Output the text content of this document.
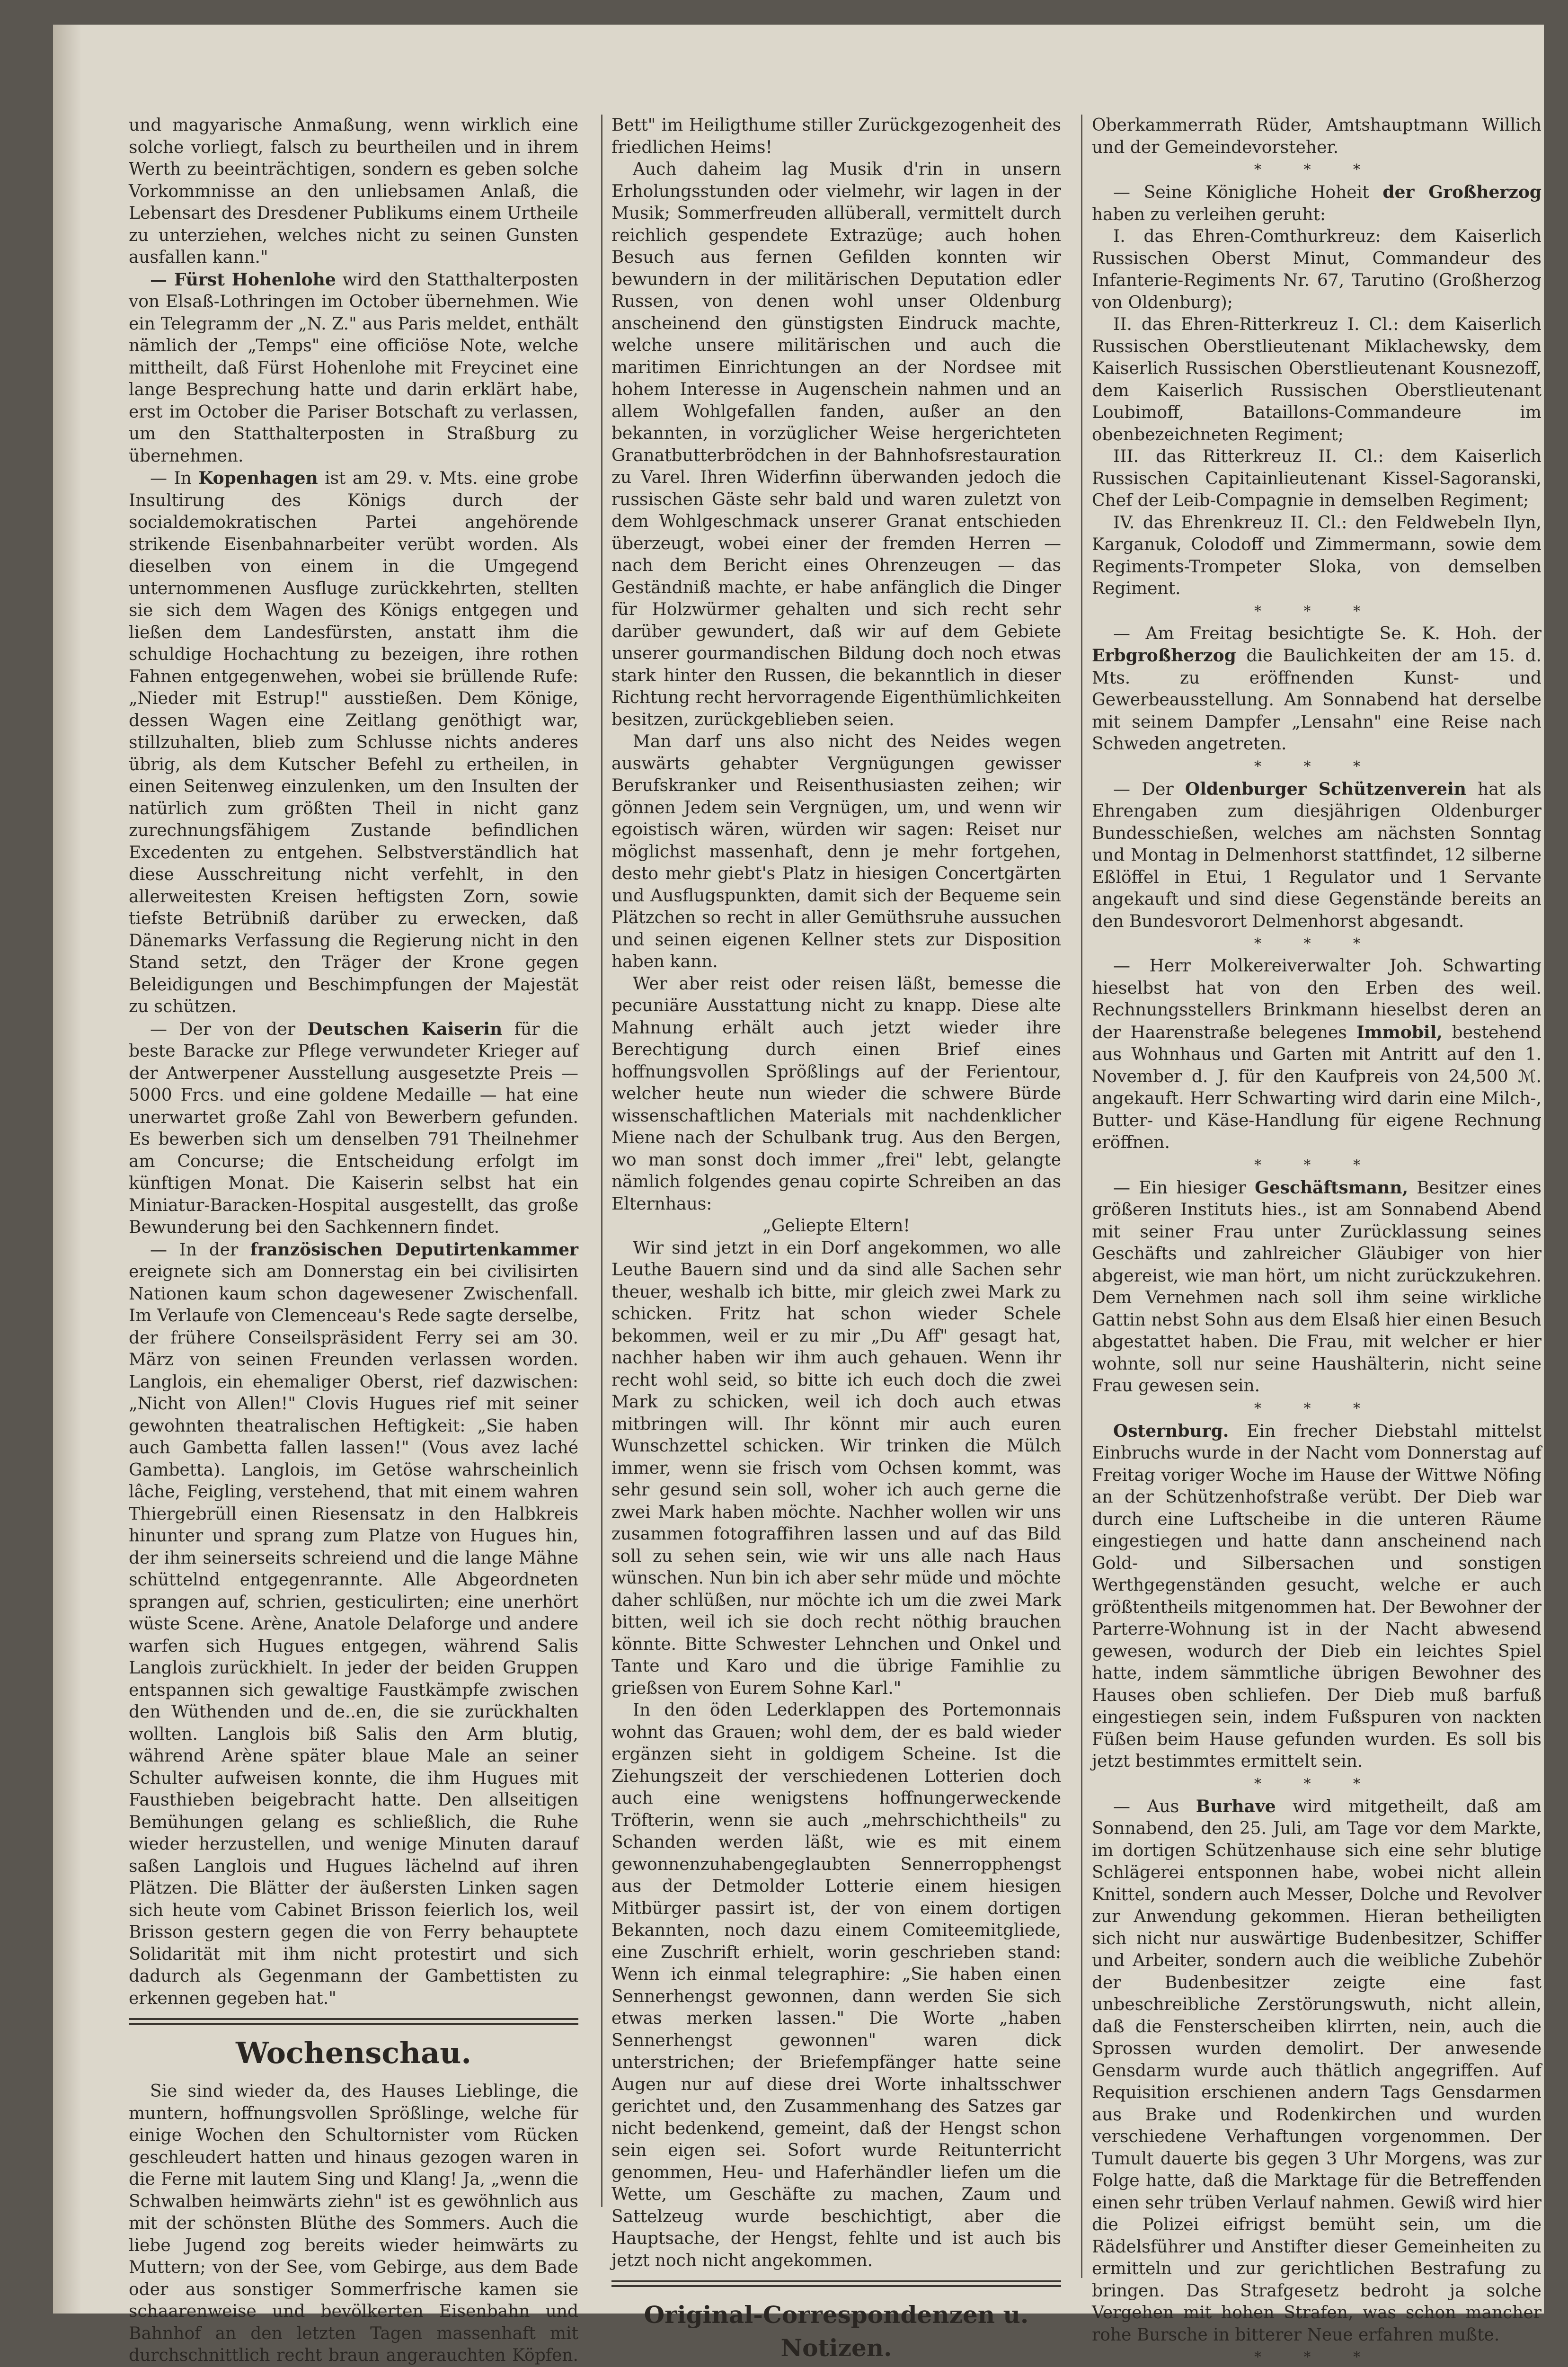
und magyarische Anmaßung, wenn wirklich eine solche vorliegt, falsch zu beurtheilen und in ihrem Werth zu beeinträchtigen, sondern es geben solche Vorkommnisse an den unliebsamen Anlaß, die Lebensart des Dresdener Publikums einem Urtheile zu unterziehen, welches nicht zu seinen Gunsten ausfallen kann."

— Fürst Hohenlohe wird den Statthalterposten von Elsaß-Lothringen im October übernehmen. Wie ein Telegramm der „N. Z." aus Paris meldet, enthält nämlich der „Temps" eine officiöse Note, welche mittheilt, daß Fürst Hohenlohe mit Freycinet eine lange Besprechung hatte und darin erklärt habe, erst im October die Pariser Botschaft zu verlassen, um den Statthalterposten in Straßburg zu übernehmen.

— In Kopenhagen ist am 29. v. Mts. eine grobe Insultirung des Königs durch der socialdemokratischen Partei angehörende strikende Eisenbahnarbeiter verübt worden. Als dieselben von einem in die Umgegend unternommenen Ausfluge zurückkehrten, stellten sie sich dem Wagen des Königs entgegen und ließen dem Landesfürsten, anstatt ihm die schuldige Hochachtung zu bezeigen, ihre rothen Fahnen entgegenwehen, wobei sie brüllende Rufe: „Nieder mit Estrup!" ausstießen. Dem Könige, dessen Wagen eine Zeitlang genöthigt war, stillzuhalten, blieb zum Schlusse nichts anderes übrig, als dem Kutscher Befehl zu ertheilen, in einen Seitenweg einzulenken, um den Insulten der natürlich zum größten Theil in nicht ganz zurechnungsfähigem Zustande befindlichen Excedenten zu entgehen. Selbstverständlich hat diese Ausschreitung nicht verfehlt, in den allerweitesten Kreisen heftigsten Zorn, sowie tiefste Betrübniß darüber zu erwecken, daß Dänemarks Verfassung die Regierung nicht in den Stand setzt, den Träger der Krone gegen Beleidigungen und Beschimpfungen der Majestät zu schützen.

— Der von der Deutschen Kaiserin für die beste Baracke zur Pflege verwundeter Krieger auf der Antwerpener Ausstellung ausgesetzte Preis — 5000 Frcs. und eine goldene Medaille — hat eine unerwartet große Zahl von Bewerbern gefunden. Es bewerben sich um denselben 791 Theilnehmer am Concurse; die Entscheidung erfolgt im künftigen Monat. Die Kaiserin selbst hat ein Miniatur-Baracken-Hospital ausgestellt, das große Bewunderung bei den Sachkennern findet.

— In der französischen Deputirtenkammer ereignete sich am Donnerstag ein bei civilisirten Nationen kaum schon dagewesener Zwischenfall. Im Verlaufe von Clemenceau's Rede sagte derselbe, der frühere Conseilspräsident Ferry sei am 30. März von seinen Freunden verlassen worden. Langlois, ein ehemaliger Oberst, rief dazwischen: „Nicht von Allen!" Clovis Hugues rief mit seiner gewohnten theatralischen Heftigkeit: „Sie haben auch Gambetta fallen lassen!" (Vous avez laché Gambetta). Langlois, im Getöse wahrscheinlich lâche, Feigling, verstehend, that mit einem wahren Thiergebrüll einen Riesensatz in den Halbkreis hinunter und sprang zum Platze von Hugues hin, der ihm seinerseits schreiend und die lange Mähne schüttelnd entgegenrannte. Alle Abgeordneten sprangen auf, schrien, gesticulirten; eine unerhört wüste Scene. Arène, Anatole Delaforge und andere warfen sich Hugues entgegen, während Salis Langlois zurückhielt. In jeder der beiden Gruppen entspannen sich gewaltige Faustkämpfe zwischen den Wüthenden und de..en, die sie zurückhalten wollten. Langlois biß Salis den Arm blutig, während Arène später blaue Male an seiner Schulter aufweisen konnte, die ihm Hugues mit Fausthieben beigebracht hatte. Den allseitigen Bemühungen gelang es schließlich, die Ruhe wieder herzustellen, und wenige Minuten darauf saßen Langlois und Hugues lächelnd auf ihren Plätzen. Die Blätter der äußersten Linken sagen sich heute vom Cabinet Brisson feierlich los, weil Brisson gestern gegen die von Ferry behauptete Solidarität mit ihm nicht protestirt und sich dadurch als Gegenmann der Gambettisten zu erkennen gegeben hat."

Wochenschau.

Sie sind wieder da, des Hauses Lieblinge, die muntern, hoffnungsvollen Sprößlinge, welche für einige Wochen den Schultornister vom Rücken geschleudert hatten und hinaus gezogen waren in die Ferne mit lautem Sing und Klang! Ja, „wenn die Schwalben heimwärts ziehn" ist es gewöhnlich aus mit der schönsten Blüthe des Sommers. Auch die liebe Jugend zog bereits wieder heimwärts zu Muttern; von der See, vom Gebirge, aus dem Bade oder aus sonstiger Sommerfrische kamen sie schaarenweise und bevölkerten Eisenbahn und Bahnhof an den letzten Tagen massenhaft mit durchschnittlich recht braun angerauchten Köpfen.

Bett" im Heiligthume stiller Zurückgezogenheit des friedlichen Heims!

Auch daheim lag Musik d'rin in unsern Erholungsstunden oder vielmehr, wir lagen in der Musik; Sommerfreuden allüberall, vermittelt durch reichlich gespendete Extrazüge; auch hohen Besuch aus fernen Gefilden konnten wir bewundern in der militärischen Deputation edler Russen, von denen wohl unser Oldenburg anscheinend den günstigsten Eindruck machte, welche unsere militärischen und auch die maritimen Einrichtungen an der Nordsee mit hohem Interesse in Augenschein nahmen und an allem Wohlgefallen fanden, außer an den bekannten, in vorzüglicher Weise hergerichteten Granatbutterbrödchen in der Bahnhofsrestauration zu Varel. Ihren Widerfinn überwanden jedoch die russischen Gäste sehr bald und waren zuletzt von dem Wohlgeschmack unserer Granat entschieden überzeugt, wobei einer der fremden Herren — nach dem Bericht eines Ohrenzeugen — das Geständniß machte, er habe anfänglich die Dinger für Holzwürmer gehalten und sich recht sehr darüber gewundert, daß wir auf dem Gebiete unserer gourmandischen Bildung doch noch etwas stark hinter den Russen, die bekanntlich in dieser Richtung recht hervorragende Eigenthümlichkeiten besitzen, zurückgeblieben seien.

Man darf uns also nicht des Neides wegen auswärts gehabter Vergnügungen gewisser Berufskranker und Reisenthusiasten zeihen; wir gönnen Jedem sein Vergnügen, um, und wenn wir egoistisch wären, würden wir sagen: Reiset nur möglichst massenhaft, denn je mehr fortgehen, desto mehr giebt's Platz in hiesigen Concertgärten und Ausflugspunkten, damit sich der Bequeme sein Plätzchen so recht in aller Gemüthsruhe aussuchen und seinen eigenen Kellner stets zur Disposition haben kann.

Wer aber reist oder reisen läßt, bemesse die pecuniäre Ausstattung nicht zu knapp. Diese alte Mahnung erhält auch jetzt wieder ihre Berechtigung durch einen Brief eines hoffnungsvollen Sprößlings auf der Ferientour, welcher heute nun wieder die schwere Bürde wissenschaftlichen Materials mit nachdenklicher Miene nach der Schulbank trug. Aus den Bergen, wo man sonst doch immer „frei" lebt, gelangte nämlich folgendes genau copirte Schreiben an das Elternhaus:

„Geliepte Eltern!

Wir sind jetzt in ein Dorf angekommen, wo alle Leuthe Bauern sind und da sind alle Sachen sehr theuer, weshalb ich bitte, mir gleich zwei Mark zu schicken. Fritz hat schon wieder Schele bekommen, weil er zu mir „Du Aff" gesagt hat, nachher haben wir ihm auch gehauen. Wenn ihr recht wohl seid, so bitte ich euch doch die zwei Mark zu schicken, weil ich doch auch etwas mitbringen will. Ihr könnt mir auch euren Wunschzettel schicken. Wir trinken die Mülch immer, wenn sie frisch vom Ochsen kommt, was sehr gesund sein soll, woher ich auch gerne die zwei Mark haben möchte. Nachher wollen wir uns zusammen fotograffihren lassen und auf das Bild soll zu sehen sein, wie wir uns alle nach Haus wünschen. Nun bin ich aber sehr müde und möchte daher schlüßen, nur möchte ich um die zwei Mark bitten, weil ich sie doch recht nöthig brauchen könnte. Bitte Schwester Lehnchen und Onkel und Tante und Karo und die übrige Famihlie zu grießsen von Eurem Sohne Karl."

In den öden Lederklappen des Portemonnais wohnt das Grauen; wohl dem, der es bald wieder ergänzen sieht in goldigem Scheine. Ist die Ziehungszeit der verschiedenen Lotterien doch auch eine wenigstens hoffnungerweckende Tröfterin, wenn sie auch „mehrschichtheils" zu Schanden werden läßt, wie es mit einem gewonnenzuhabengeglaubten Sennerropphengst aus der Detmolder Lotterie einem hiesigen Mitbürger passirt ist, der von einem dortigen Bekannten, noch dazu einem Comiteemitgliede, eine Zuschrift erhielt, worin geschrieben stand: Wenn ich einmal telegraphire: „Sie haben einen Sennerhengst gewonnen, dann werden Sie sich etwas merken lassen." Die Worte „haben Sennerhengst gewonnen" waren dick unterstrichen; der Briefempfänger hatte seine Augen nur auf diese drei Worte inhaltsschwer gerichtet und, den Zusammenhang des Satzes gar nicht bedenkend, gemeint, daß der Hengst schon sein eigen sei. Sofort wurde Reitunterricht genommen, Heu- und Haferhändler liefen um die Wette, um Geschäfte zu machen, Zaum und Sattelzeug wurde beschichtigt, aber die Hauptsache, der Hengst, fehlte und ist auch bis jetzt noch nicht angekommen.

Original-Correspondenzen u. Notizen.

Oberkammerrath Rüder, Amtshauptmann Willich und der Gemeindevorsteher.

* * *

— Seine Königliche Hoheit der Großherzog haben zu verleihen geruht:

I. das Ehren-Comthurkreuz: dem Kaiserlich Russischen Oberst Minut, Commandeur des Infanterie-Regiments Nr. 67, Tarutino (Großherzog von Oldenburg);

II. das Ehren-Ritterkreuz I. Cl.: dem Kaiserlich Russischen Oberstlieutenant Miklachewsky, dem Kaiserlich Russischen Oberstlieutenant Kousnezoff, dem Kaiserlich Russischen Oberstlieutenant Loubimoff, Bataillons-Commandeure im obenbezeichneten Regiment;

III. das Ritterkreuz II. Cl.: dem Kaiserlich Russischen Capitainlieutenant Kissel-Sagoranski, Chef der Leib-Compagnie in demselben Regiment;

IV. das Ehrenkreuz II. Cl.: den Feldwebeln Ilyn, Karganuk, Colodoff und Zimmermann, sowie dem Regiments-Trompeter Sloka, von demselben Regiment.

* * *

— Am Freitag besichtigte Se. K. Hoh. der Erbgroßherzog die Baulichkeiten der am 15. d. Mts. zu eröffnenden Kunst- und Gewerbeausstellung. Am Sonnabend hat derselbe mit seinem Dampfer „Lensahn" eine Reise nach Schweden angetreten.

* * *

— Der Oldenburger Schützenverein hat als Ehrengaben zum diesjährigen Oldenburger Bundesschießen, welches am nächsten Sonntag und Montag in Delmenhorst stattfindet, 12 silberne Eßlöffel in Etui, 1 Regulator und 1 Servante angekauft und sind diese Gegenstände bereits an den Bundesvorort Delmenhorst abgesandt.

* * *

— Herr Molkereiverwalter Joh. Schwarting hieselbst hat von den Erben des weil. Rechnungsstellers Brinkmann hieselbst deren an der Haarenstraße belegenes Immobil, bestehend aus Wohnhaus und Garten mit Antritt auf den 1. November d. J. für den Kaufpreis von 24,500 ℳ. angekauft. Herr Schwarting wird darin eine Milch-, Butter- und Käse-Handlung für eigene Rechnung eröffnen.

* * *

— Ein hiesiger Geschäftsmann, Besitzer eines größeren Instituts hies., ist am Sonnabend Abend mit seiner Frau unter Zurücklassung seines Geschäfts und zahlreicher Gläubiger von hier abgereist, wie man hört, um nicht zurückzukehren. Dem Vernehmen nach soll ihm seine wirkliche Gattin nebst Sohn aus dem Elsaß hier einen Besuch abgestattet haben. Die Frau, mit welcher er hier wohnte, soll nur seine Haushälterin, nicht seine Frau gewesen sein.

* * *

Osternburg. Ein frecher Diebstahl mittelst Einbruchs wurde in der Nacht vom Donnerstag auf Freitag voriger Woche im Hause der Wittwe Nöfing an der Schützenhofstraße verübt. Der Dieb war durch eine Luftscheibe in die unteren Räume eingestiegen und hatte dann anscheinend nach Gold- und Silbersachen und sonstigen Werthgegenständen gesucht, welche er auch größtentheils mitgenommen hat. Der Bewohner der Parterre-Wohnung ist in der Nacht abwesend gewesen, wodurch der Dieb ein leichtes Spiel hatte, indem sämmtliche übrigen Bewohner des Hauses oben schliefen. Der Dieb muß barfuß eingestiegen sein, indem Fußspuren von nackten Füßen beim Hause gefunden wurden. Es soll bis jetzt bestimmtes ermittelt sein.

* * *

— Aus Burhave wird mitgetheilt, daß am Sonnabend, den 25. Juli, am Tage vor dem Markte, im dortigen Schützenhause sich eine sehr blutige Schlägerei entsponnen habe, wobei nicht allein Knittel, sondern auch Messer, Dolche und Revolver zur Anwendung gekommen. Hieran betheiligten sich nicht nur auswärtige Budenbesitzer, Schiffer und Arbeiter, sondern auch die weibliche Zubehör der Budenbesitzer zeigte eine fast unbeschreibliche Zerstörungswuth, nicht allein, daß die Fensterscheiben klirrten, nein, auch die Sprossen wurden demolirt. Der anwesende Gensdarm wurde auch thätlich angegriffen. Auf Requisition erschienen andern Tags Gensdarmen aus Brake und Rodenkirchen und wurden verschiedene Verhaftungen vorgenommen. Der Tumult dauerte bis gegen 3 Uhr Morgens, was zur Folge hatte, daß die Marktage für die Betreffenden einen sehr trüben Verlauf nahmen. Gewiß wird hier die Polizei eifrigst bemüht sein, um die Rädelsführer und Anstifter dieser Gemeinheiten zu ermitteln und zur gerichtlichen Bestrafung zu bringen. Das Strafgesetz bedroht ja solche Vergehen mit hohen Strafen, was schon mancher rohe Bursche in bitterer Neue erfahren mußte.

* * *
